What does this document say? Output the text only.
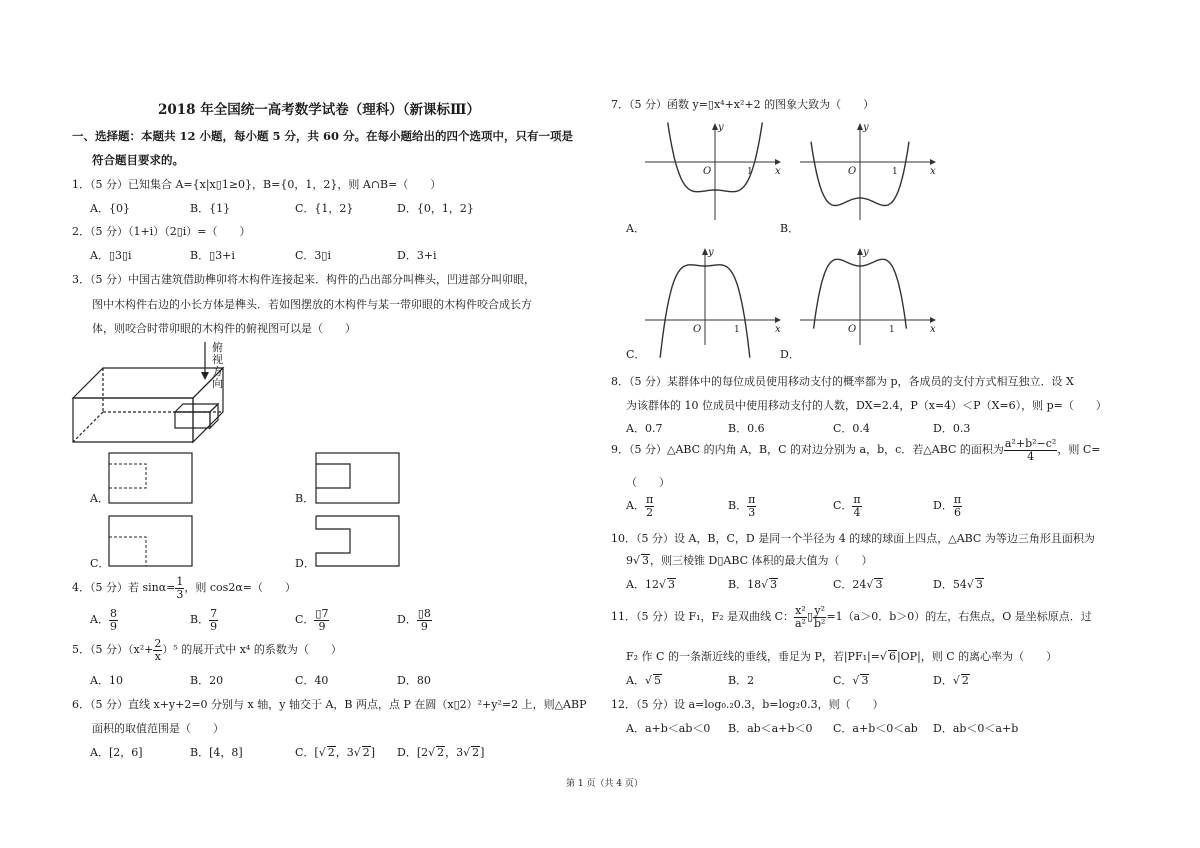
2018 年全国统一高考数学试卷（理科）（新课标Ⅲ）
一、选择题：本题共 12 小题，每小题 5 分，共 60 分。在每小题给出的四个选项中，只有一项是
符合题目要求的。
1．（5 分）已知集合 A={x|x▯1≥0}，B={0，1，2}，则 A∩B=（　　）
A．{0}	B．{1}	C．{1，2}	D．{0，1，2}
2．（5 分）（1+i）（2▯i）=（　　）
A．▯3▯i	B．▯3+i	C．3▯i	D．3+i
3．（5 分）中国古建筑借助榫卯将木构件连接起来．构件的凸出部分叫榫头，凹进部分叫卯眼，
图中木构件右边的小长方体是榫头．若如图摆放的木构件与某一带卯眼的木构件咬合成长方
体，则咬合时带卯眼的木构件的俯视图可以是（　　）
俯
视
方
向
A．	B．
C．	D．
4．（5 分）若 $\sin\alpha= \frac{1}{3}$ ，则 cos2α=（　　）
A． $\frac{8}{9}$	B． $\frac{7}{9}$	C． $\frac{▯7}{9}$	D． $\frac{▯8}{9}$
5．（5 分）$(x^2+ \frac{2}{x} )^5$ 的展开式中 x⁴ 的系数为（　　）
A．10	B．20	C．40	D．80
6．（5 分）直线 x+y+2=0 分别与 x 轴，y 轴交于 A，B 两点，点 P 在圆（x▯2）²+y²=2 上，则△ABP
面积的取值范围是（　　）
A．[2，6]	B．[4，8]	C．[ √ 2，3 √ 2] D．[2 √ 2，3 √ 2]
第 1 页（共 4 页）
7．（5 分）函数 y=▯x⁴+x²+2 的图象大致为（　　）
y
x
O	1
y
x
O	1
y
x
O	1
y
x
O	1
A．	B．
C．	D．
8．（5 分）某群体中的每位成员使用移动支付的概率都为 p，各成员的支付方式相互独立．设 X
为该群体的 10 位成员中使用移动支付的人数，DX=2.4，P（x=4）＜P（X=6），则 p=（　　）
A．0.7	B．0.6	C．0.4	D．0.3
9．（5 分）△ABC 的内角 A，B，C 的对边分别为 a，b，c．若△ABC 的面积为 $\frac{\text{a²+b²−c²}}{4}$ ，则 C=
（　　）
A． $\frac{\pi}{2}$	B． $\frac{\pi}{3}$	C． $\frac{\pi}{4}$	D． $\frac{\pi}{6}$
10．（5 分）设 A，B，C，D 是同一个半径为 4 的球的球面上四点，△ABC 为等边三角形且面积为
9 √ 3，则三棱锥 D▯ABC 体积的最大值为（　　）
A．12 √ 3	B．18 √ 3	C．24 √ 3	D．54 √ 3
11．（5 分）设 F₁，F₂ 是双曲线 C： $\frac{\text{x²}}{\text{a²}}$ ▯ $\frac{\text{y²}}{\text{b²}} =1(a>0$．b＞0）的左，右焦点，O 是坐标原点．过
F₂ 作 C 的一条渐近线的垂线，垂足为 P，若|PF₁|= √ 6|OP|，则 C 的离心率为（　　）
A． √ 5	B．2	C． √ 3	D． √ 2
12．（5 分）设 a=log₀.₂0.3，b=log₂0.3，则（　　）
A．a+b＜ab＜0 B．ab＜a+b＜0 C．a+b＜0＜ab D．ab＜0＜a+b
